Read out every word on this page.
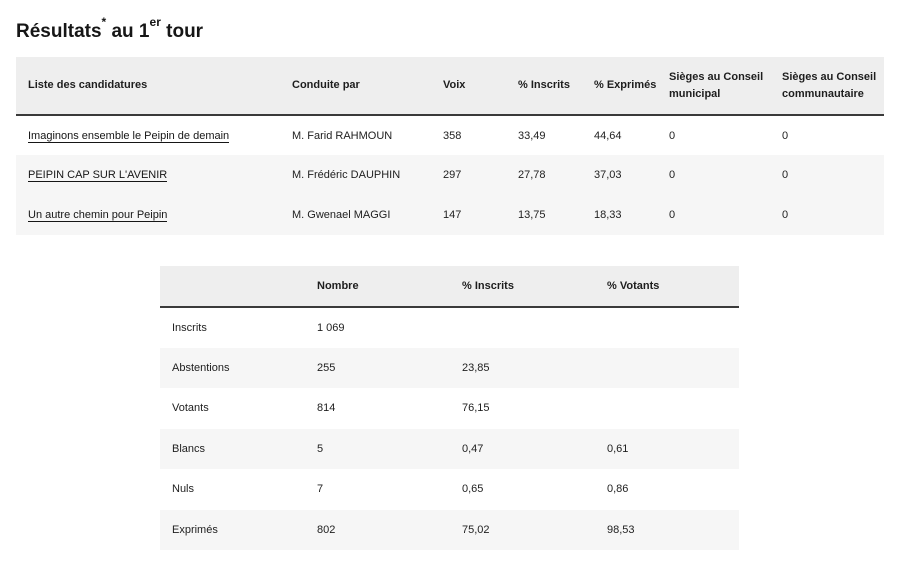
Résultats* au 1er tour
Liste des candidatures	Conduite par	Voix	% Inscrits	% Exprimés	Sièges au Conseil municipal	Sièges au Conseil communautaire
Imaginons ensemble le Peipin de demain	M. Farid RAHMOUN	358	33,49	44,64	0	0
PEIPIN CAP SUR L'AVENIR	M. Frédéric DAUPHIN	297	27,78	37,03	0	0
Un autre chemin pour Peipin	M. Gwenael MAGGI	147	13,75	18,33	0	0
	Nombre	% Inscrits	% Votants
Inscrits	1 069		
Abstentions	255	23,85	
Votants	814	76,15	
Blancs	5	0,47	0,61
Nuls	7	0,65	0,86
Exprimés	802	75,02	98,53
